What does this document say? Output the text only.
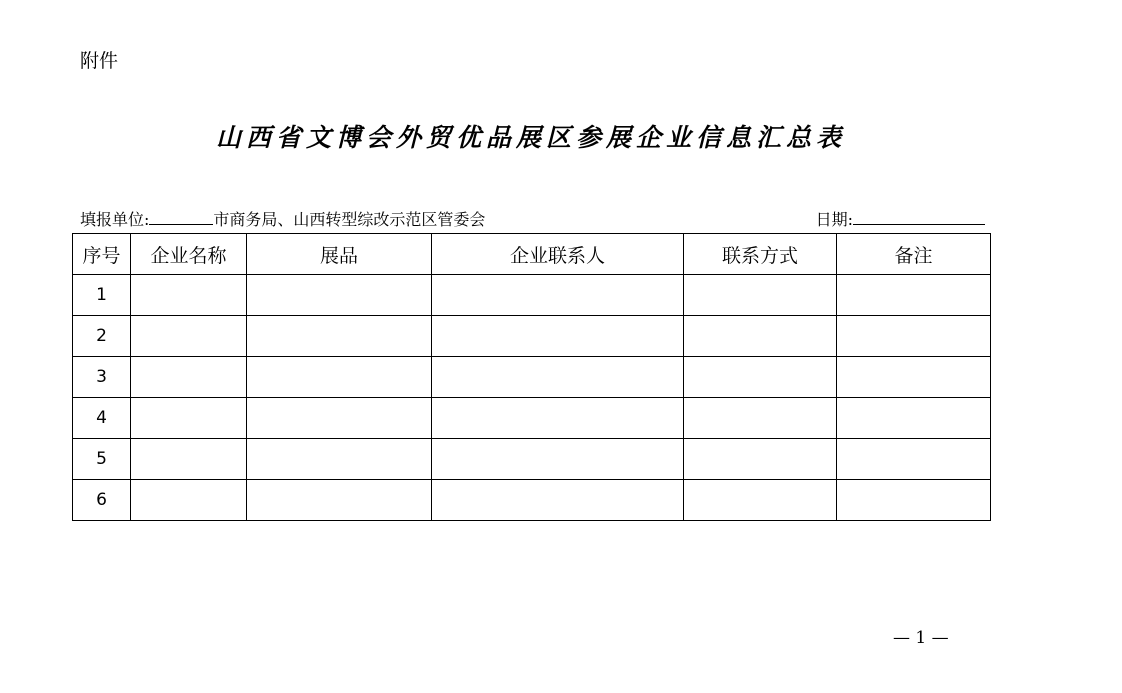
附件
山西省文博会外贸优品展区参展企业信息汇总表
填报单位:	市商务局、山西转型综改示范区管委会	日期:
序号	企业名称	展品	企业联系人	联系方式	备注
1					
2					
3					
4					
5					
6					
— 1 —
